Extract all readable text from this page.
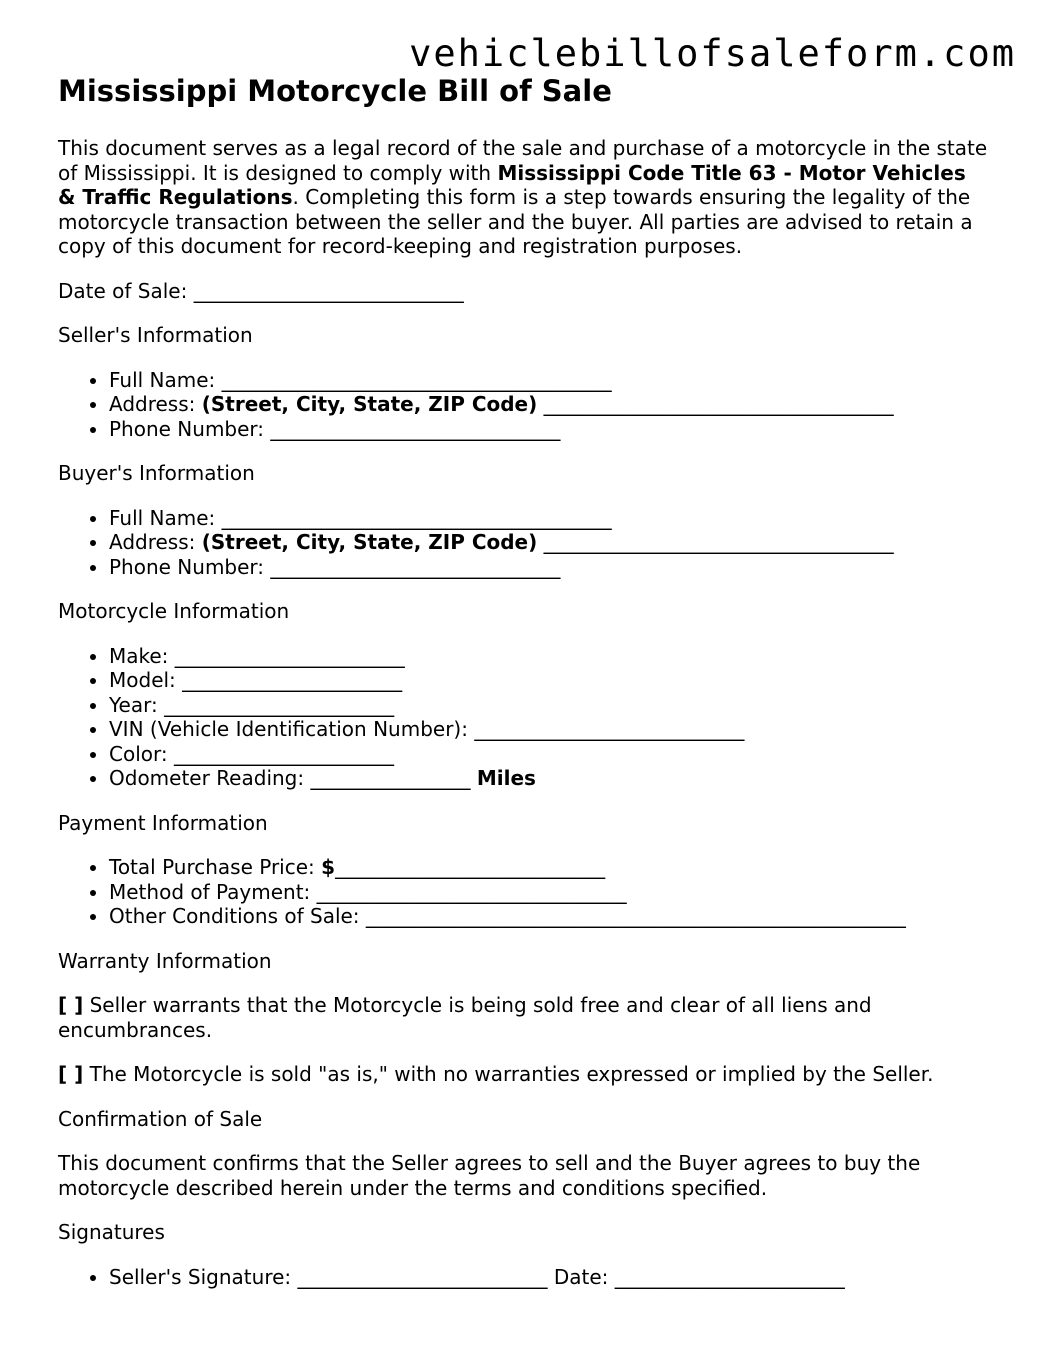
vehiclebillofsaleform.com
Mississippi Motorcycle Bill of Sale

This document serves as a legal record of the sale and purchase of a motorcycle in the state of Mississippi. It is designed to comply with Mississippi Code Title 63 - Motor Vehicles & Traffic Regulations. Completing this form is a step towards ensuring the legality of the motorcycle transaction between the seller and the buyer. All parties are advised to retain a copy of this document for record-keeping and registration purposes.

Date of Sale: ___________________________

Seller's Information

• Full Name: _______________________________________
• Address: (Street, City, State, ZIP Code) ___________________________________
• Phone Number: _____________________________

Buyer's Information

• Full Name: _______________________________________
• Address: (Street, City, State, ZIP Code) ___________________________________
• Phone Number: _____________________________

Motorcycle Information

• Make: _______________________
• Model: ______________________
• Year: _______________________
• VIN (Vehicle Identification Number): ___________________________
• Color: ______________________
• Odometer Reading: ________________ Miles

Payment Information

• Total Purchase Price: $___________________________
• Method of Payment: _______________________________
• Other Conditions of Sale: ______________________________________________________

Warranty Information

[ ] Seller warrants that the Motorcycle is being sold free and clear of all liens and encumbrances.

[ ] The Motorcycle is sold "as is," with no warranties expressed or implied by the Seller.

Confirmation of Sale

This document confirms that the Seller agrees to sell and the Buyer agrees to buy the motorcycle described herein under the terms and conditions specified.

Signatures

• Seller's Signature: _________________________ Date: _______________________
